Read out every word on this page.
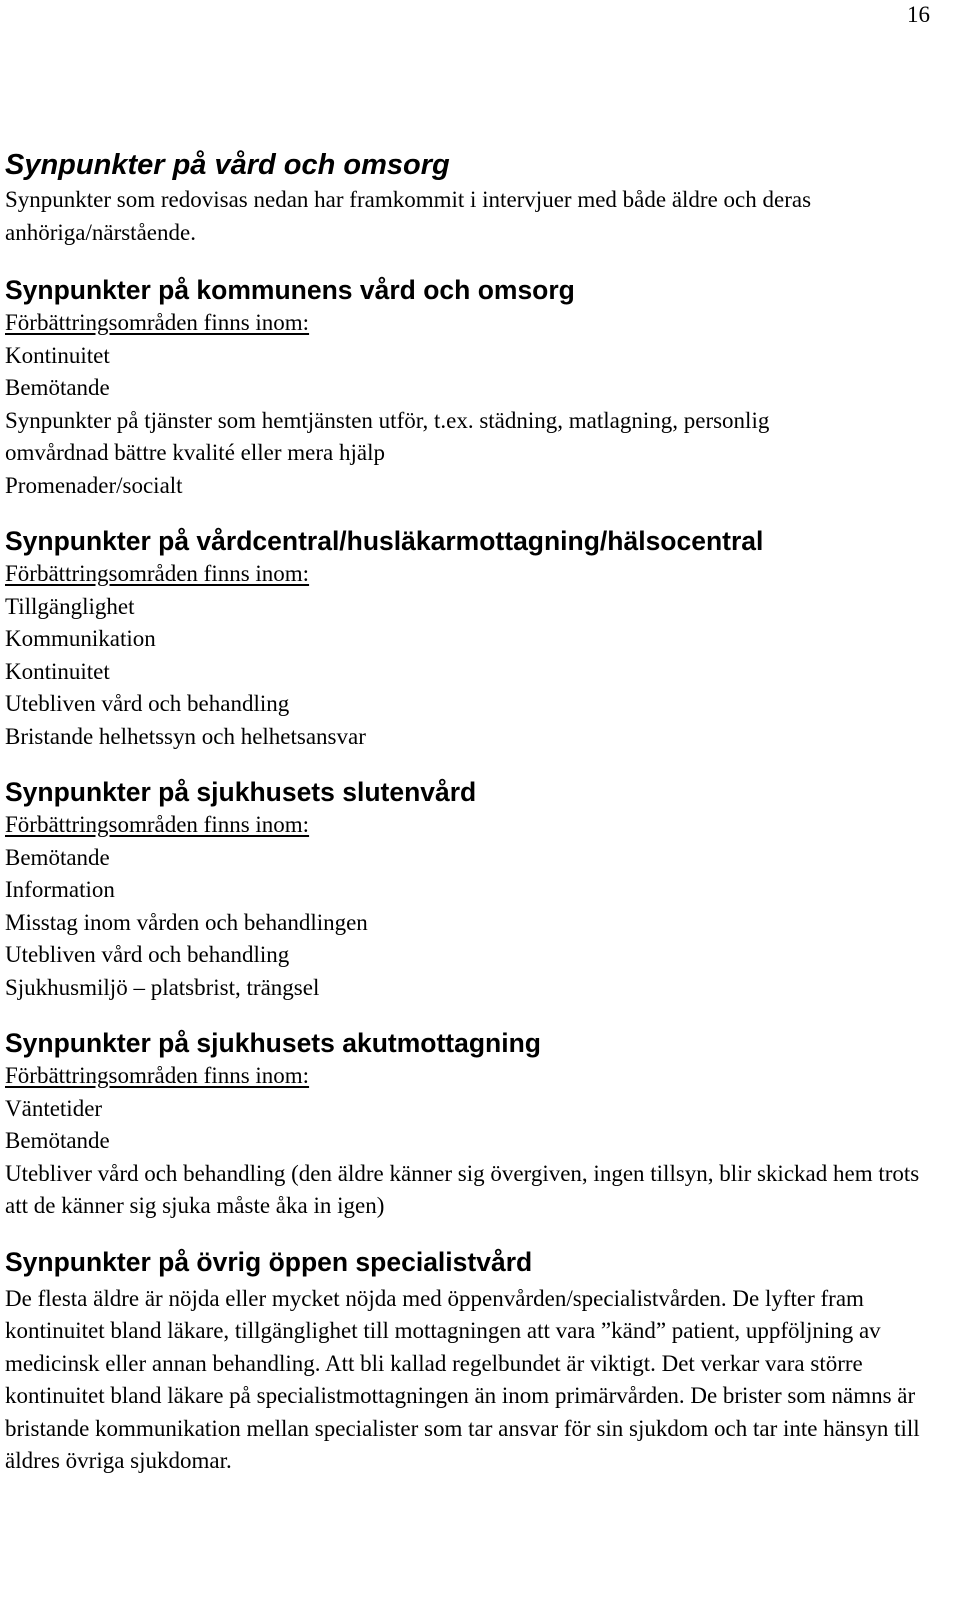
16
Synpunkter på vård och omsorg

Synpunkter som redovisas nedan har framkommit i intervjuer med både äldre och deras anhöriga/närstående.

Synpunkter på kommunens vård och omsorg

Förbättringsområden finns inom:

Kontinuitet
Bemötande
Synpunkter på tjänster som hemtjänsten utför, t.ex. städning, matlagning, personlig omvårdnad bättre kvalité eller mera hjälp
Promenader/socialt
Synpunkter på vårdcentral/husläkarmottagning/hälsocentral

Förbättringsområden finns inom:

Tillgänglighet
Kommunikation
Kontinuitet
Utebliven vård och behandling
Bristande helhetssyn och helhetsansvar
Synpunkter på sjukhusets slutenvård

Förbättringsområden finns inom:

Bemötande
Information
Misstag inom vården och behandlingen
Utebliven vård och behandling
Sjukhusmiljö – platsbrist, trängsel
Synpunkter på sjukhusets akutmottagning

Förbättringsområden finns inom:

Väntetider
Bemötande
Utebliver vård och behandling (den äldre känner sig övergiven, ingen tillsyn, blir skickad hem trots att de känner sig sjuka måste åka in igen)
Synpunkter på övrig öppen specialistvård

De flesta äldre är nöjda eller mycket nöjda med öppenvården/specialistvården. De lyfter fram kontinuitet bland läkare, tillgänglighet till mottagningen att vara ”känd” patient, uppföljning av medicinsk eller annan behandling. Att bli kallad regelbundet är viktigt. Det verkar vara större kontinuitet bland läkare på specialistmottagningen än inom primärvården. De brister som nämns är bristande kommunikation mellan specialister som tar ansvar för sin sjukdom och tar inte hänsyn till äldres övriga sjukdomar.
